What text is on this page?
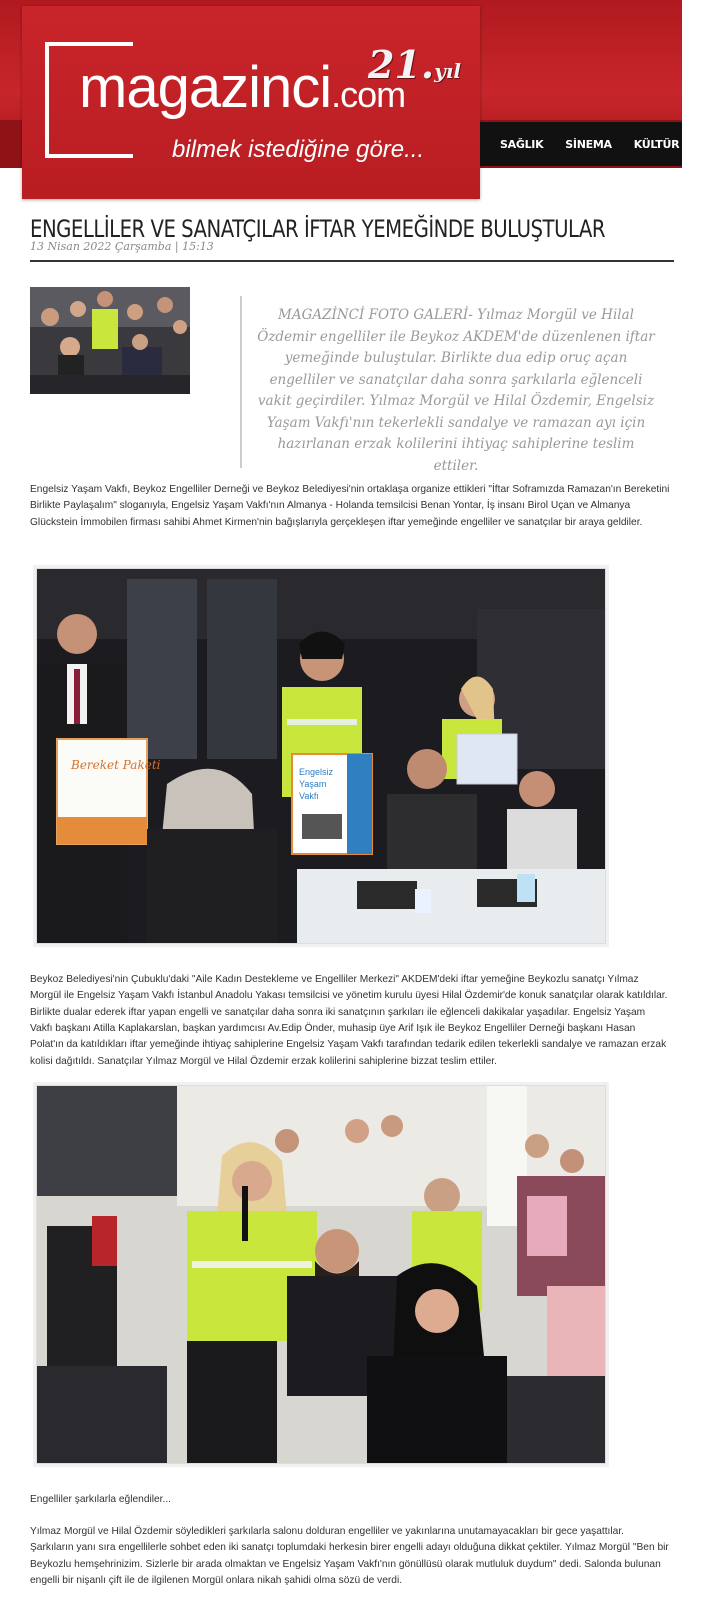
magazinci.com
bilmek istediğine göre...
21.yıl
SAĞLIK SİNEMA KÜLTÜR SANAT
ENGELLİLER VE SANATÇILAR İFTAR YEMEĞİNDE BULUŞTULAR
13 Nisan 2022 Çarşamba | 15:13
MAGAZİNCİ FOTO GALERİ- Yılmaz Morgül ve Hilal Özdemir engelliler ile Beykoz AKDEM'de düzenlenen iftar yemeğinde buluştular. Birlikte dua edip oruç açan engelliler ve sanatçılar daha sonra şarkılarla eğlenceli vakit geçirdiler. Yılmaz Morgül ve Hilal Özdemir, Engelsiz Yaşam Vakfı'nın tekerlekli sandalye ve ramazan ayı için hazırlanan erzak kolilerini ihtiyaç sahiplerine teslim ettiler.

Engelsiz Yaşam Vakfı, Beykoz Engelliler Derneği ve Beykoz Belediyesi'nin ortaklaşa organize ettikleri "İftar Soframızda Ramazan'ın Bereketini Birlikte Paylaşalım" sloganıyla, Engelsiz Yaşam Vakfı'nın Almanya - Holanda temsilcisi Benan Yontar, İş insanı Birol Uçan ve Almanya Glückstein İmmobilen firması sahibi Ahmet Kirmen'nin bağışlarıyla gerçekleşen iftar yemeğinde engelliler ve sanatçılar bir araya geldiler.

Bereket Paketi	Engelsiz
Yaşam
Vakfı

Beykoz Belediyesi'nin Çubuklu'daki "Aile Kadın Destekleme ve Engelliler Merkezi" AKDEM'deki iftar yemeğine Beykozlu sanatçı Yılmaz Morgül ile Engelsiz Yaşam Vakfı İstanbul Anadolu Yakası temsilcisi ve yönetim kurulu üyesi Hilal Özdemir'de konuk sanatçılar olarak katıldılar. Birlikte dualar ederek iftar yapan engelli ve sanatçılar daha sonra iki sanatçının şarkıları ile eğlenceli dakikalar yaşadılar. Engelsiz Yaşam Vakfı başkanı Atilla Kaplakarslan, başkan yardımcısı Av.Edip Önder, muhasip üye Arif Işık ile Beykoz Engelliler Derneği başkanı Hasan Polat'ın da katıldıkları iftar yemeğinde ihtiyaç sahiplerine Engelsiz Yaşam Vakfı tarafından tedarik edilen tekerlekli sandalye ve ramazan erzak kolisi dağıtıldı. Sanatçılar Yılmaz Morgül ve Hilal Özdemir erzak kolilerini sahiplerine bizzat teslim ettiler.

Engelliler şarkılarla eğlendiler...

Yılmaz Morgül ve Hilal Özdemir söyledikleri şarkılarla salonu dolduran engelliler ve yakınlarına unutamayacakları bir gece yaşattılar. Şarkıların yanı sıra engellilerle sohbet eden iki sanatçı toplumdaki herkesin birer engelli adayı olduğuna dikkat çektiler. Yılmaz Morgül "Ben bir Beykozlu hemşehrinizim. Sizlerle bir arada olmaktan ve Engelsiz Yaşam Vakfı'nın gönüllüsü olarak mutluluk duydum" dedi. Salonda bulunan engelli bir nişanlı çift ile de ilgilenen Morgül onlara nikah şahidi olma sözü de verdi.
